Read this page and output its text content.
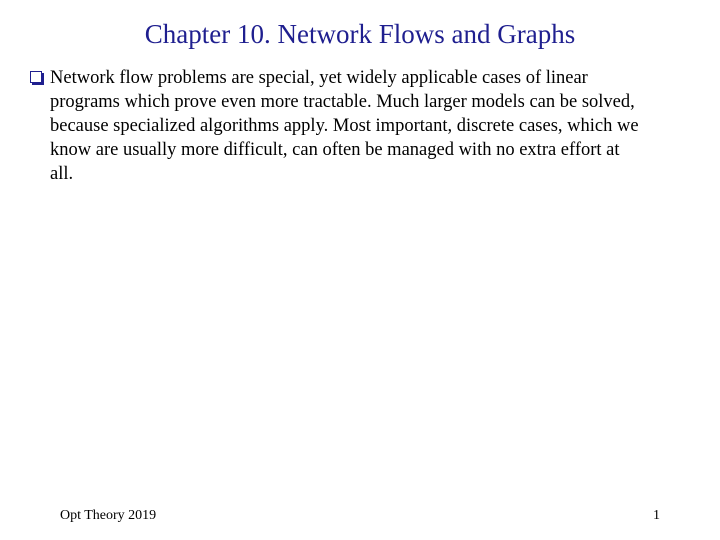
Chapter 10. Network Flows and Graphs
Network flow problems are special, yet widely applicable cases of linear
programs which prove even more tractable. Much larger models can be solved,
because specialized algorithms apply. Most important, discrete cases, which we
know are usually more difficult, can often be managed with no extra effort at
all.
Opt Theory 2019	1
